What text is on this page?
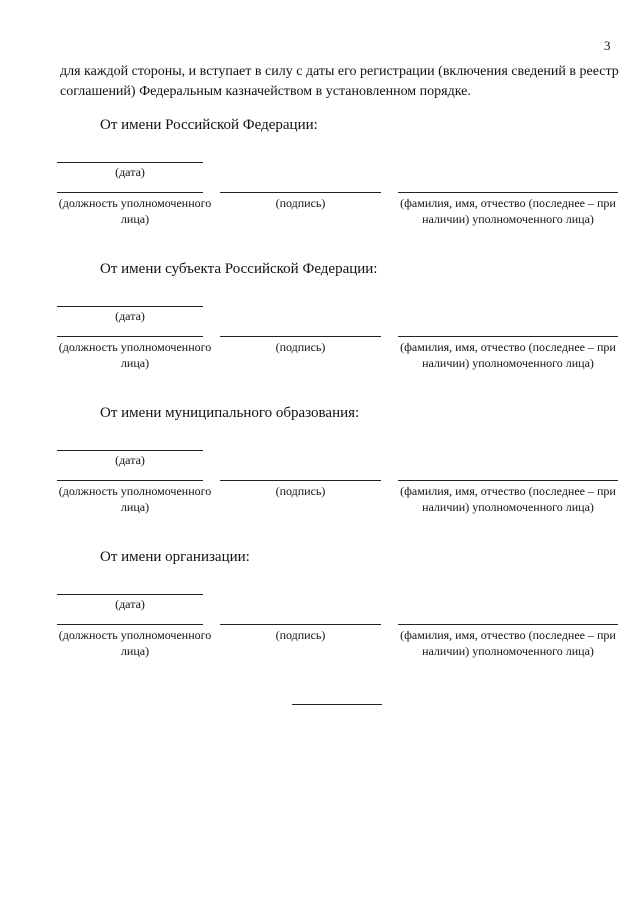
3
для каждой стороны, и вступает в силу с даты его регистрации (включения сведений в реестр соглашений) Федеральным казначейством в установленном порядке.
От имени Российской Федерации:
(дата)
(должность уполномоченного лица)
(подпись)	(фамилия, имя, отчество (последнее – при наличии) уполномоченного лица)
От имени субъекта Российской Федерации:
(дата)
(должность уполномоченного лица)
(подпись)	(фамилия, имя, отчество (последнее – при наличии) уполномоченного лица)
От имени муниципального образования:
(дата)
(должность уполномоченного лица)
(подпись)	(фамилия, имя, отчество (последнее – при наличии) уполномоченного лица)
От имени организации:
(дата)
(должность уполномоченного лица)
(подпись)	(фамилия, имя, отчество (последнее – при наличии) уполномоченного лица)
